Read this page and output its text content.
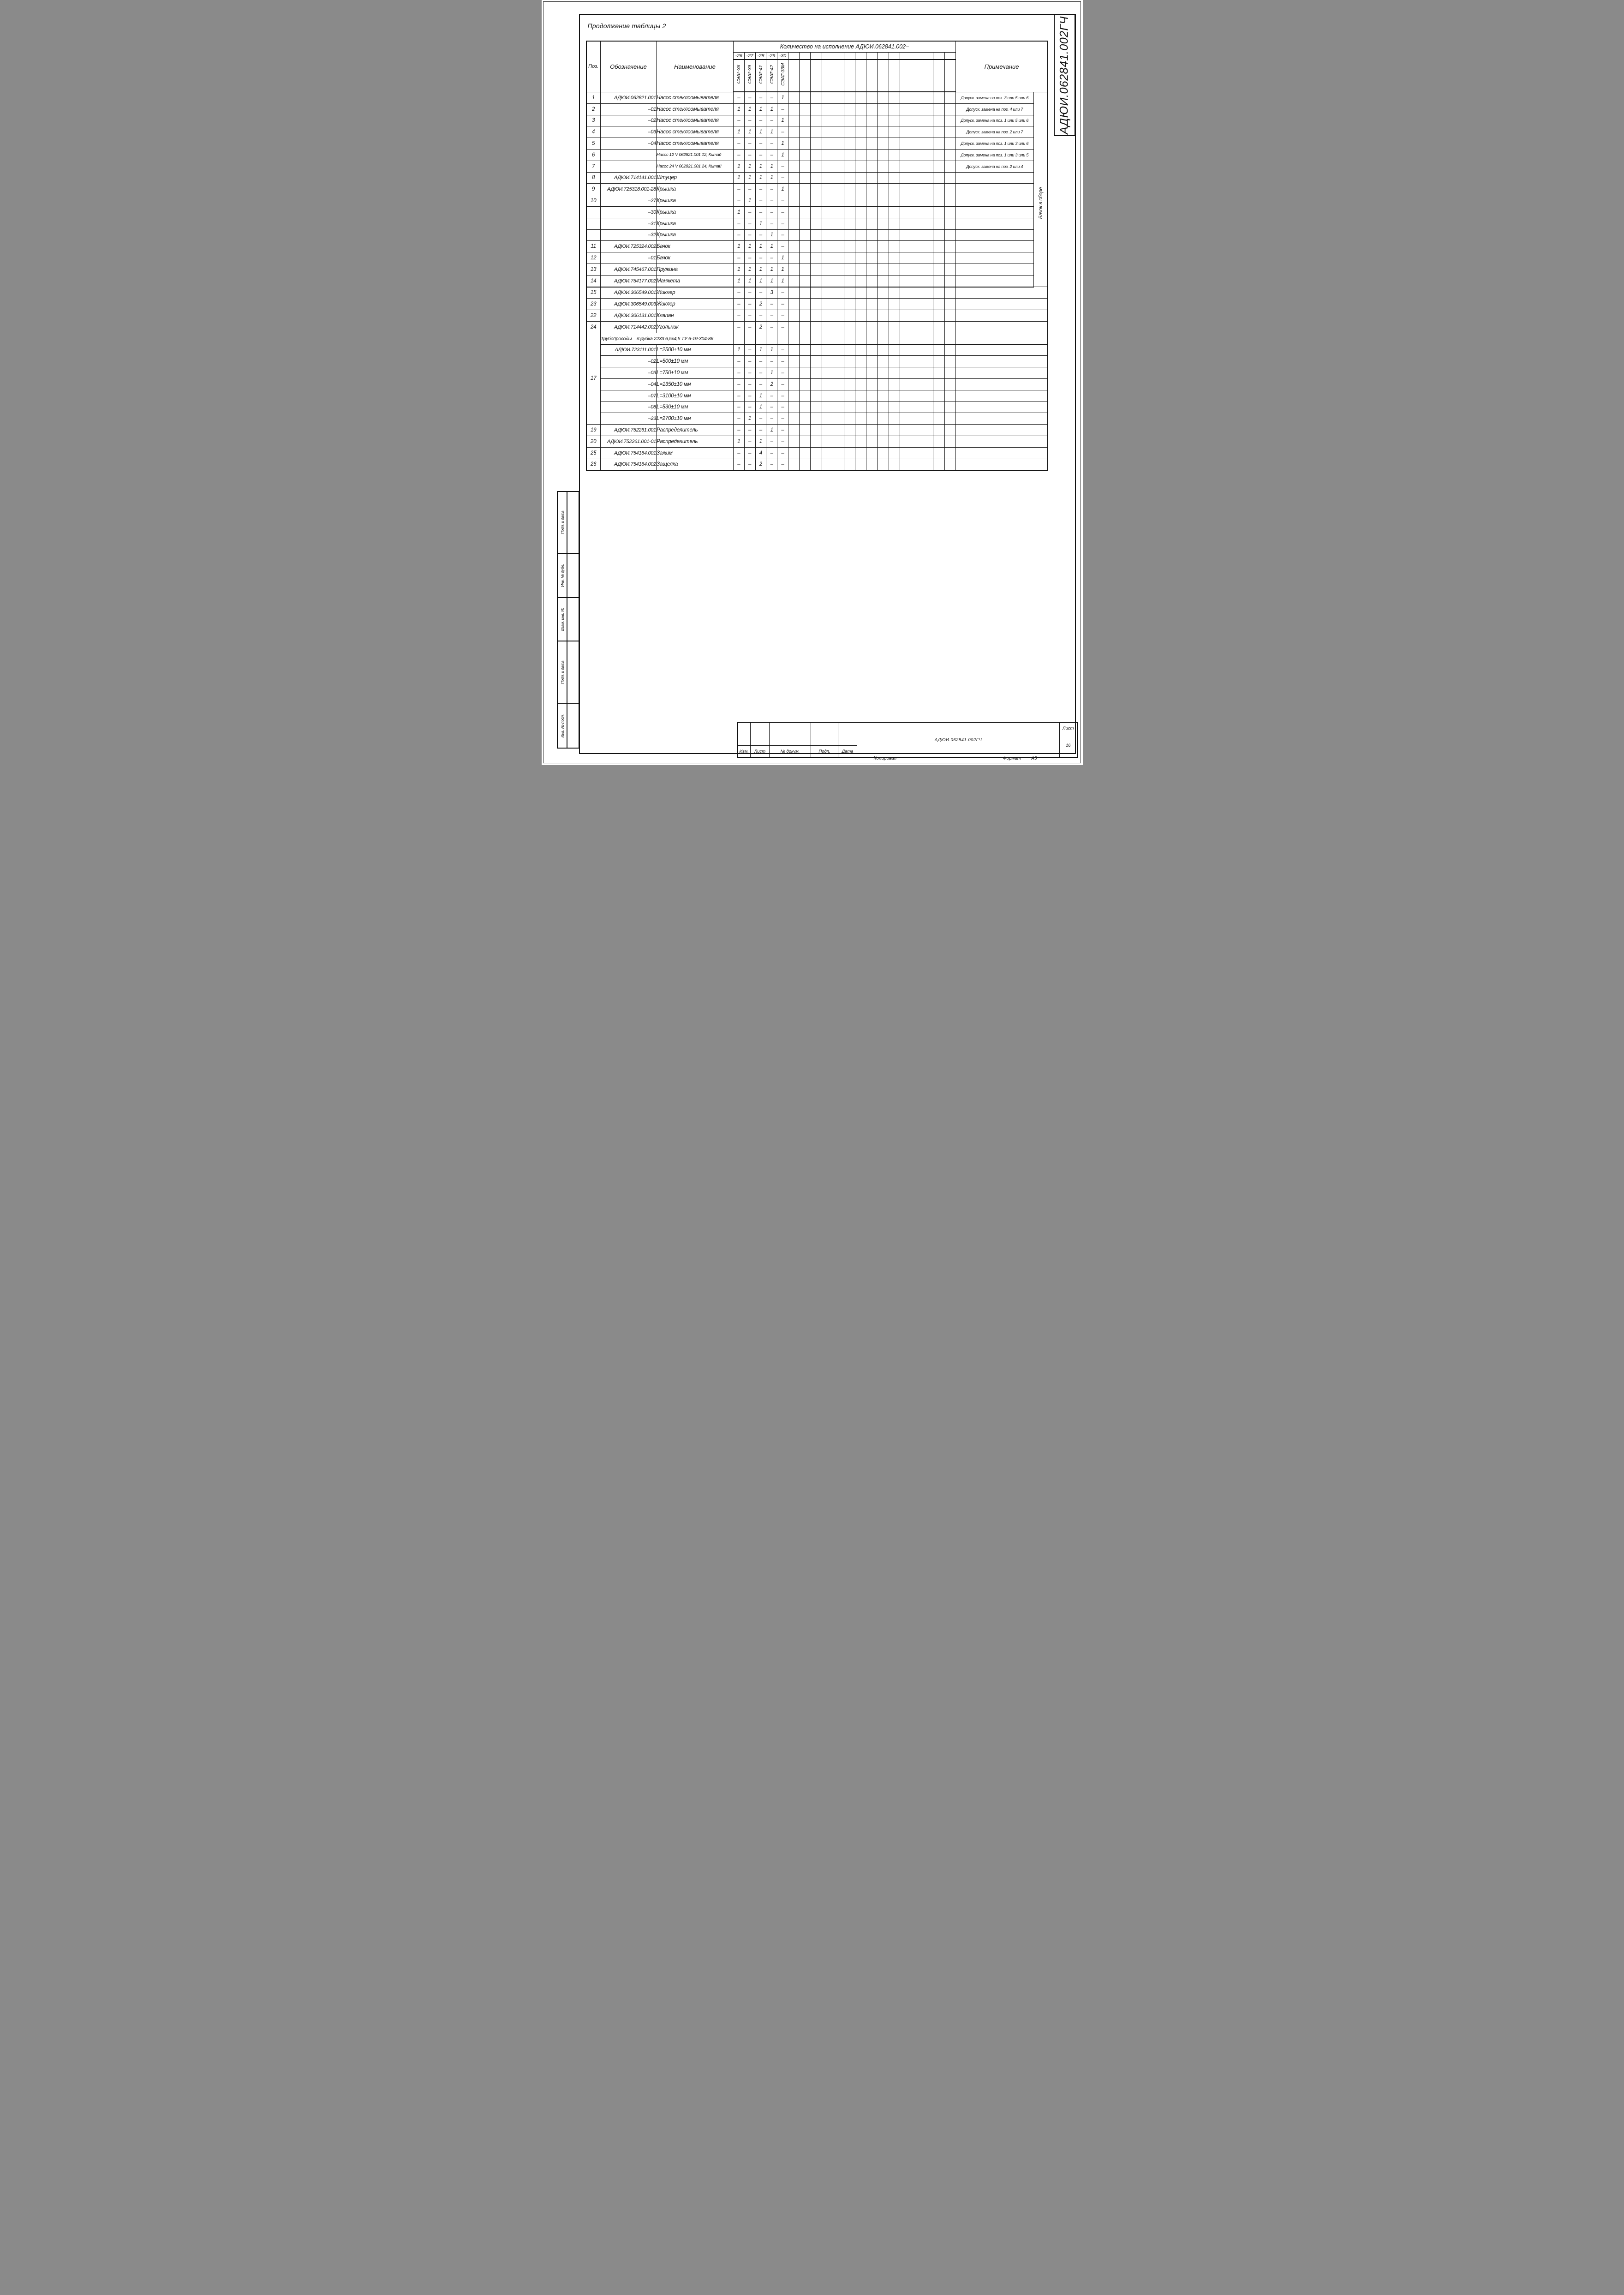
Продолжение таблицы 2
Поз.	Обозначение	Наименование	Количество на исполнение АДЮИ.062841.002–																				Примечание	
			-26	-27	-28	-29	-30																	
			СЭАТ-38	СЭАТ-39	СЭАТ-41	СЭАТ-42	СЭАТ-33М																	
1	АДЮИ.062821.001	Насос стеклоомывателя	–	–	–	–	1																Допуск. замена на поз. 3 или 5 или 6	Бачок в сборе

2	–01	Насос стеклоомывателя	1	1	1	1	–																Допуск. замена на поз. 4 или 7	
3	–02	Насос стеклоомывателя	–	–	–	–	1																Допуск. замена на поз. 1 или 5 или 6	
4	–03	Насос стеклоомывателя	1	1	1	1	–																Допуск. замена на поз. 2 или 7	
5	–04	Насос стеклоомывателя	–	–	–	–	1																Допуск. замена на поз. 1 или 3 или 6	
6		Насос 12 V 062821.001.12, Китай	–	–	–	–	1																Допуск. замена на поз. 1 или 3 или 5	
7		Насос 24 V 062821.001.24, Китай	1	1	1	1	–																Допуск. замена на поз. 2 или 4	
8	АДЮИ.714141.001	Штуцер	1	1	1	1	–																	
9	АДЮИ.725318.001-28	Крышка	–	–	–	–	1																	
10	–27	Крышка	–	1	–	–	–																	
	–30	Крышка	1	–	–	–	–																	
	–31	Крышка	–	–	1	–	–																	
	–32	Крышка	–	–	–	1	–																	
11	АДЮИ.725324.002	Бачок	1	1	1	1	–																	
12	–01	Бачок	–	–	–	–	1																	
13	АДЮИ.745467.001	Пружина	1	1	1	1	1																	
14	АДЮИ.754177.002	Манжета	1	1	1	1	1																	
15	АДЮИ.306549.001	Жиклер	–	–	–	3	–																	
23	АДЮИ.306549.003	Жиклер	–	–	2	–	–																	
22	АДЮИ.306131.001	Клапан	–	–	–	–	–																	
24	АДЮИ.714442.002	Угольник	–	–	2	–	–																	
17	Трубопроводы – трубка 2233 6,5х4,5 ТУ 6-19-304-86																							
	АДЮИ.723111.001	L=2500±10 мм	1	–	1	1	–																	
	–02	L=500±10 мм	–	–	–	–	–																	
	–03	L=750±10 мм	–	–	–	1	–																	
	–04	L=1350±10 мм	–	–	–	2	–																	
	–07	L=3100±10 мм	–	–	1	–	–																	
	–08	L=530±10 мм	–	–	1	–	–																	
	–23	L=2700±10 мм	–	1	–	–	–																	
19	АДЮИ.752261.001	Распределитель	–	–	–	1	–																	
20	АДЮИ.752261.001-01	Распределитель	1	–	1	–	–																	
25	АДЮИ.754164.001	Зажим	–	–	4	–	–																	
26	АДЮИ.754164.002	Защелка	–	–	2	–	–																	
АДЮИ.062841.002ГЧ
Подп. и дата
Инв. № дубл.
Взам. инв. №
Подп. и дата
Инв. № подл.
					АДЮИ.062841.002ГЧ	Лист
						16
Изм.	Лист	№ докум.	Подп.	Дата		
Копировал	Формат А3
